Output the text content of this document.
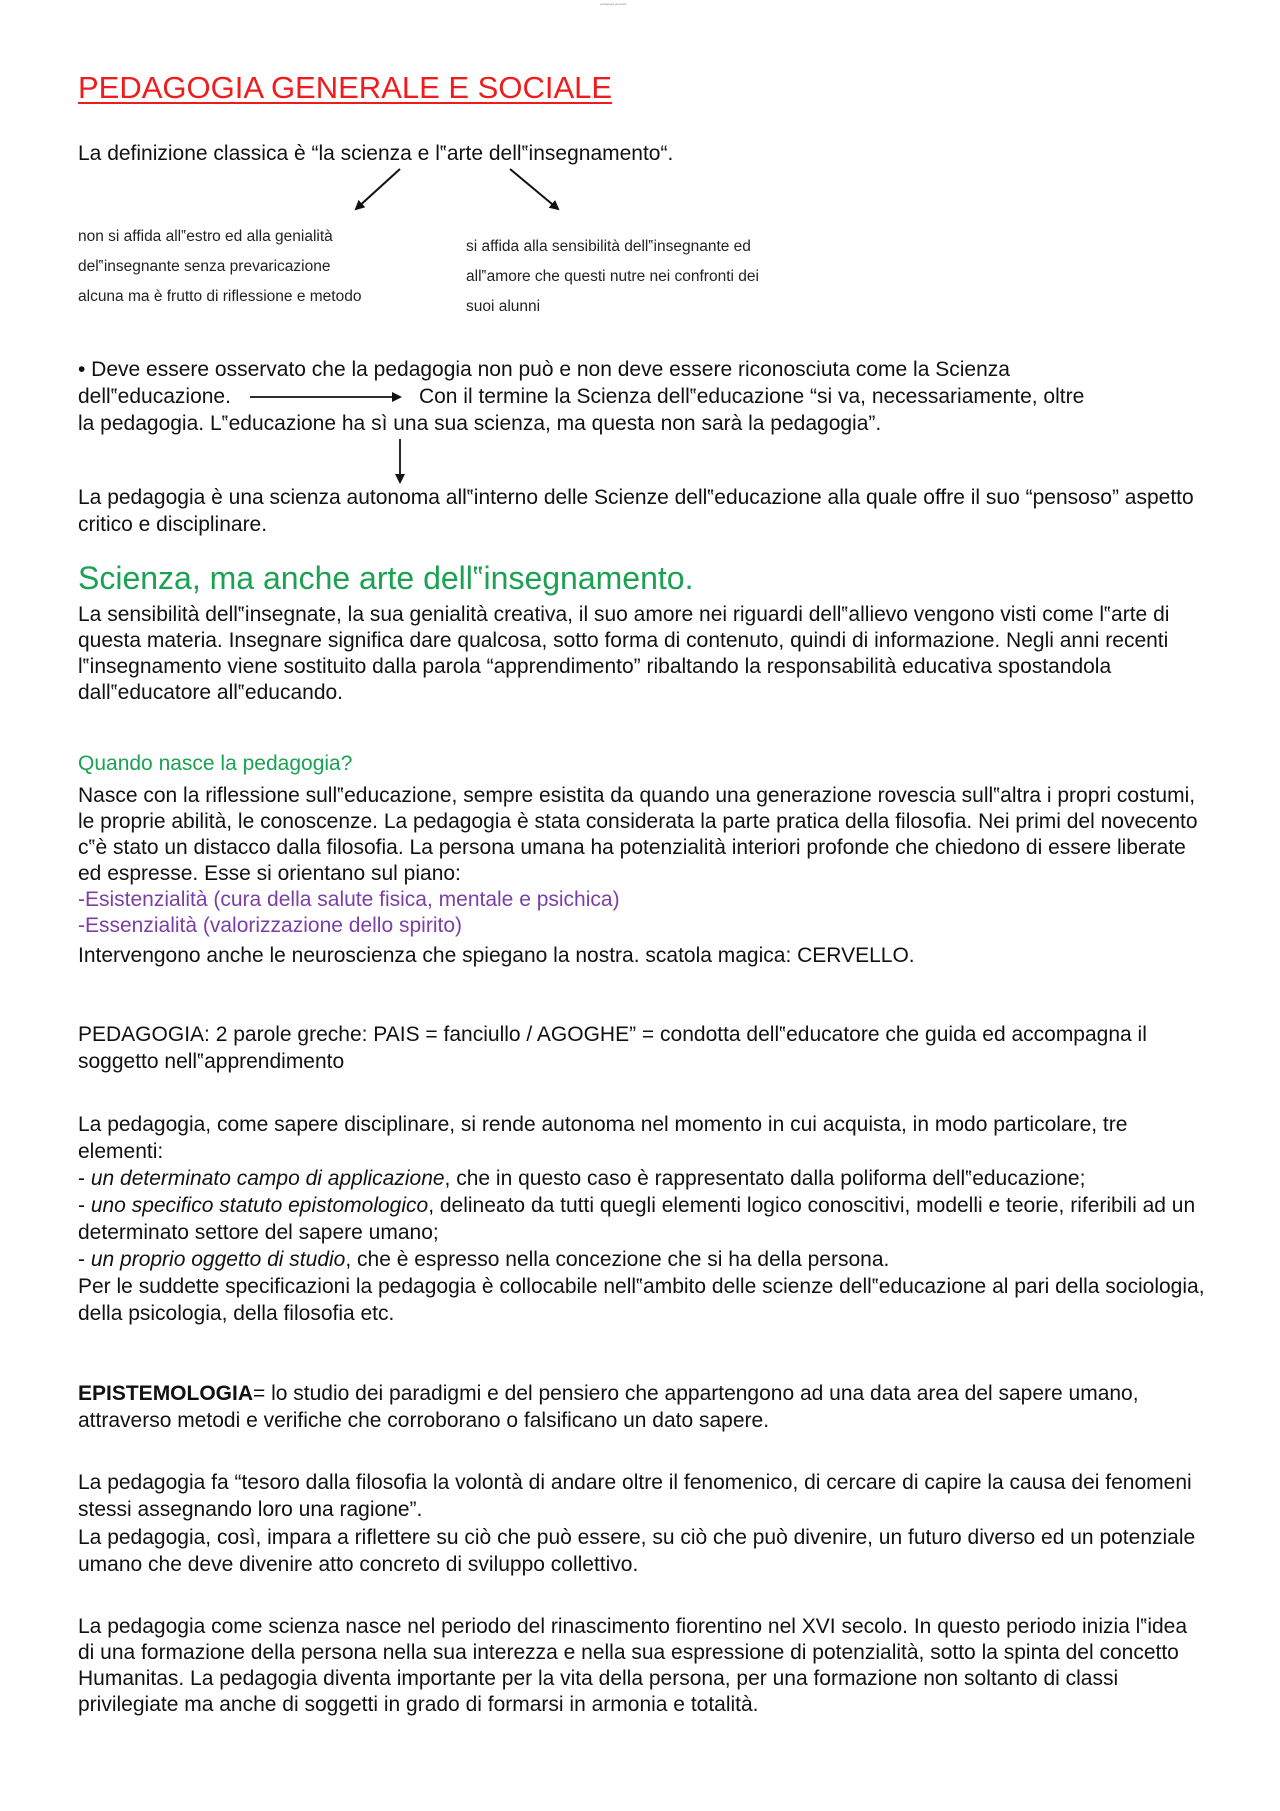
pedagogia generale
PEDAGOGIA GENERALE E SOCIALE

La definizione classica è “la scienza e l‟arte dell‟insegnamento“.

non si affida all‟estro ed alla genialità
del‟insegnante senza prevaricazione
alcuna ma è frutto di riflessione e metodo
si affida alla sensibilità dell‟insegnante ed
all‟amore che questi nutre nei confronti dei
suoi alunni
• Deve essere osservato che la pedagogia non può e non deve essere riconosciuta come la Scienza
dell‟educazione.	Con il termine la Scienza dell‟educazione “si va, necessariamente, oltre
la pedagogia. L‟educazione ha sì una sua scienza, ma questa non sarà la pedagogia”.

La pedagogia è una scienza autonoma all‟interno delle Scienze dell‟educazione alla quale offre il suo “pensoso” aspetto critico e disciplinare.

Scienza, ma anche arte dell‟insegnamento.

La sensibilità dell‟insegnate, la sua genialità creativa, il suo amore nei riguardi dell‟allievo vengono visti come l‟arte di questa materia. Insegnare significa dare qualcosa, sotto forma di contenuto, quindi di informazione. Negli anni recenti l‟insegnamento viene sostituito dalla parola “apprendimento” ribaltando la responsabilità educativa spostandola dall‟educatore all‟educando.

Quando nasce la pedagogia?

Nasce con la riflessione sull‟educazione, sempre esistita da quando una generazione rovescia sull‟altra i propri costumi, le proprie abilità, le conoscenze. La pedagogia è stata considerata la parte pratica della filosofia. Nei primi del novecento c‟è stato un distacco dalla filosofia. La persona umana ha potenzialità interiori profonde che chiedono di essere liberate ed espresse. Esse si orientano sul piano:

-Esistenzialità (cura della salute fisica, mentale e psichica)

-Essenzialità (valorizzazione dello spirito)

Intervengono anche le neuroscienza che spiegano la nostra. scatola magica: CERVELLO.

PEDAGOGIA: 2 parole greche: PAIS = fanciullo / AGOGHE” = condotta dell‟educatore che guida ed accompagna il soggetto nell‟apprendimento

La pedagogia, come sapere disciplinare, si rende autonoma nel momento in cui acquista, in modo particolare, tre elementi:
- un determinato campo di applicazione, che in questo caso è rappresentato dalla poliforma dell‟educazione;
- uno specifico statuto epistomologico, delineato da tutti quegli elementi logico conoscitivi, modelli e teorie, riferibili ad un determinato settore del sapere umano;
- un proprio oggetto di studio, che è espresso nella concezione che si ha della persona.
Per le suddette specificazioni la pedagogia è collocabile nell‟ambito delle scienze dell‟educazione al pari della sociologia, della psicologia, della filosofia etc.

EPISTEMOLOGIA= lo studio dei paradigmi e del pensiero che appartengono ad una data area del sapere umano, attraverso metodi e verifiche che corroborano o falsificano un dato sapere.

La pedagogia fa “tesoro dalla filosofia la volontà di andare oltre il fenomenico, di cercare di capire la causa dei fenomeni stessi assegnando loro una ragione”.

La pedagogia, così, impara a riflettere su ciò che può essere, su ciò che può divenire, un futuro diverso ed un potenziale umano che deve divenire atto concreto di sviluppo collettivo.

La pedagogia come scienza nasce nel periodo del rinascimento fiorentino nel XVI secolo. In questo periodo inizia l‟idea di una formazione della persona nella sua interezza e nella sua espressione di potenzialità, sotto la spinta del concetto Humanitas. La pedagogia diventa importante per la vita della persona, per una formazione non soltanto di classi privilegiate ma anche di soggetti in grado di formarsi in armonia e totalità.
